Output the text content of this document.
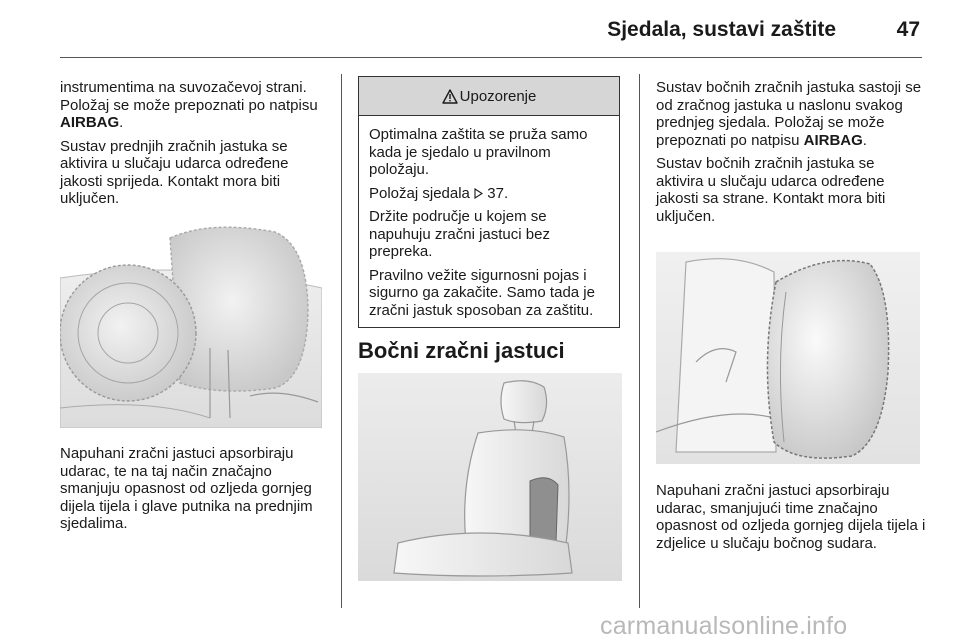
Sjedala, sustavi zaštite	47

instrumentima na suvozačevoj strani. Položaj se može prepoznati po natpisu AIRBAG.

Sustav prednjih zračnih jastuka se aktivira u slučaju udarca određene jakosti sprijeda. Kontakt mora biti uključen.

Napuhani zračni jastuci apsorbiraju udarac, te na taj način značajno smanjuju opasnost od ozljeda gornjeg dijela tijela i glave putnika na prednjim sjedalima.

Upozorenje

Optimalna zaštita se pruža samo kada je sjedalo u pravilnom položaju.

Položaj sjedala  37.

Držite područje u kojem se napuhuju zračni jastuci bez prepreka.

Pravilno vežite sigurnosni pojas i sigurno ga zakačite. Samo tada je zračni jastuk sposoban za zaštitu.

Bočni zračni jastuci

Sustav bočnih zračnih jastuka sastoji se od zračnog jastuka u naslonu svakog prednjeg sjedala. Položaj se može prepoznati po natpisu AIRBAG.

Sustav bočnih zračnih jastuka se aktivira u slučaju udarca određene jakosti sa strane. Kontakt mora biti uključen.

Napuhani zračni jastuci apsorbiraju udarac, smanjujući time značajno opasnost od ozljeda gornjeg dijela tijela i zdjelice u slučaju bočnog sudara.

carmanualsonline.info
